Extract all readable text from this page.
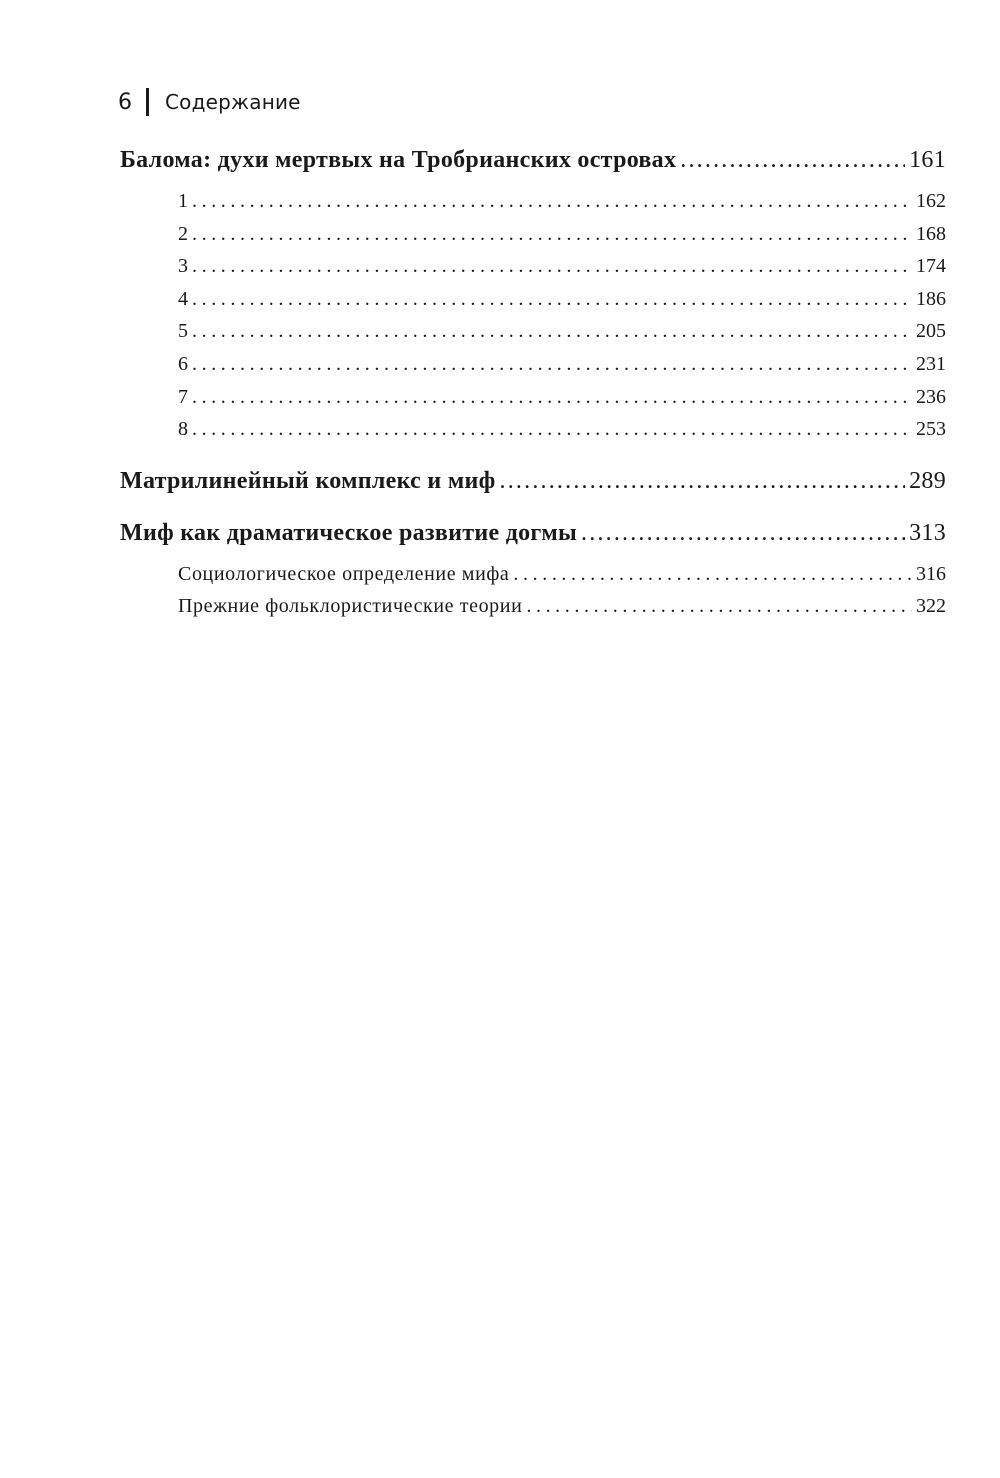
6 Содержание
Балома: духи мертвых на Тробрианских островах .....	161
1 .....	162
2 .....	168
3 .....	174
4 .....	186
5 .....	205
6 .....	231
7 .....	236
8 .....	253
Матрилинейный комплекс и миф .....	289
Миф как драматическое развитие догмы .....	313
Социологическое определение мифа .....	316
Прежние фольклористические теории .....	322
